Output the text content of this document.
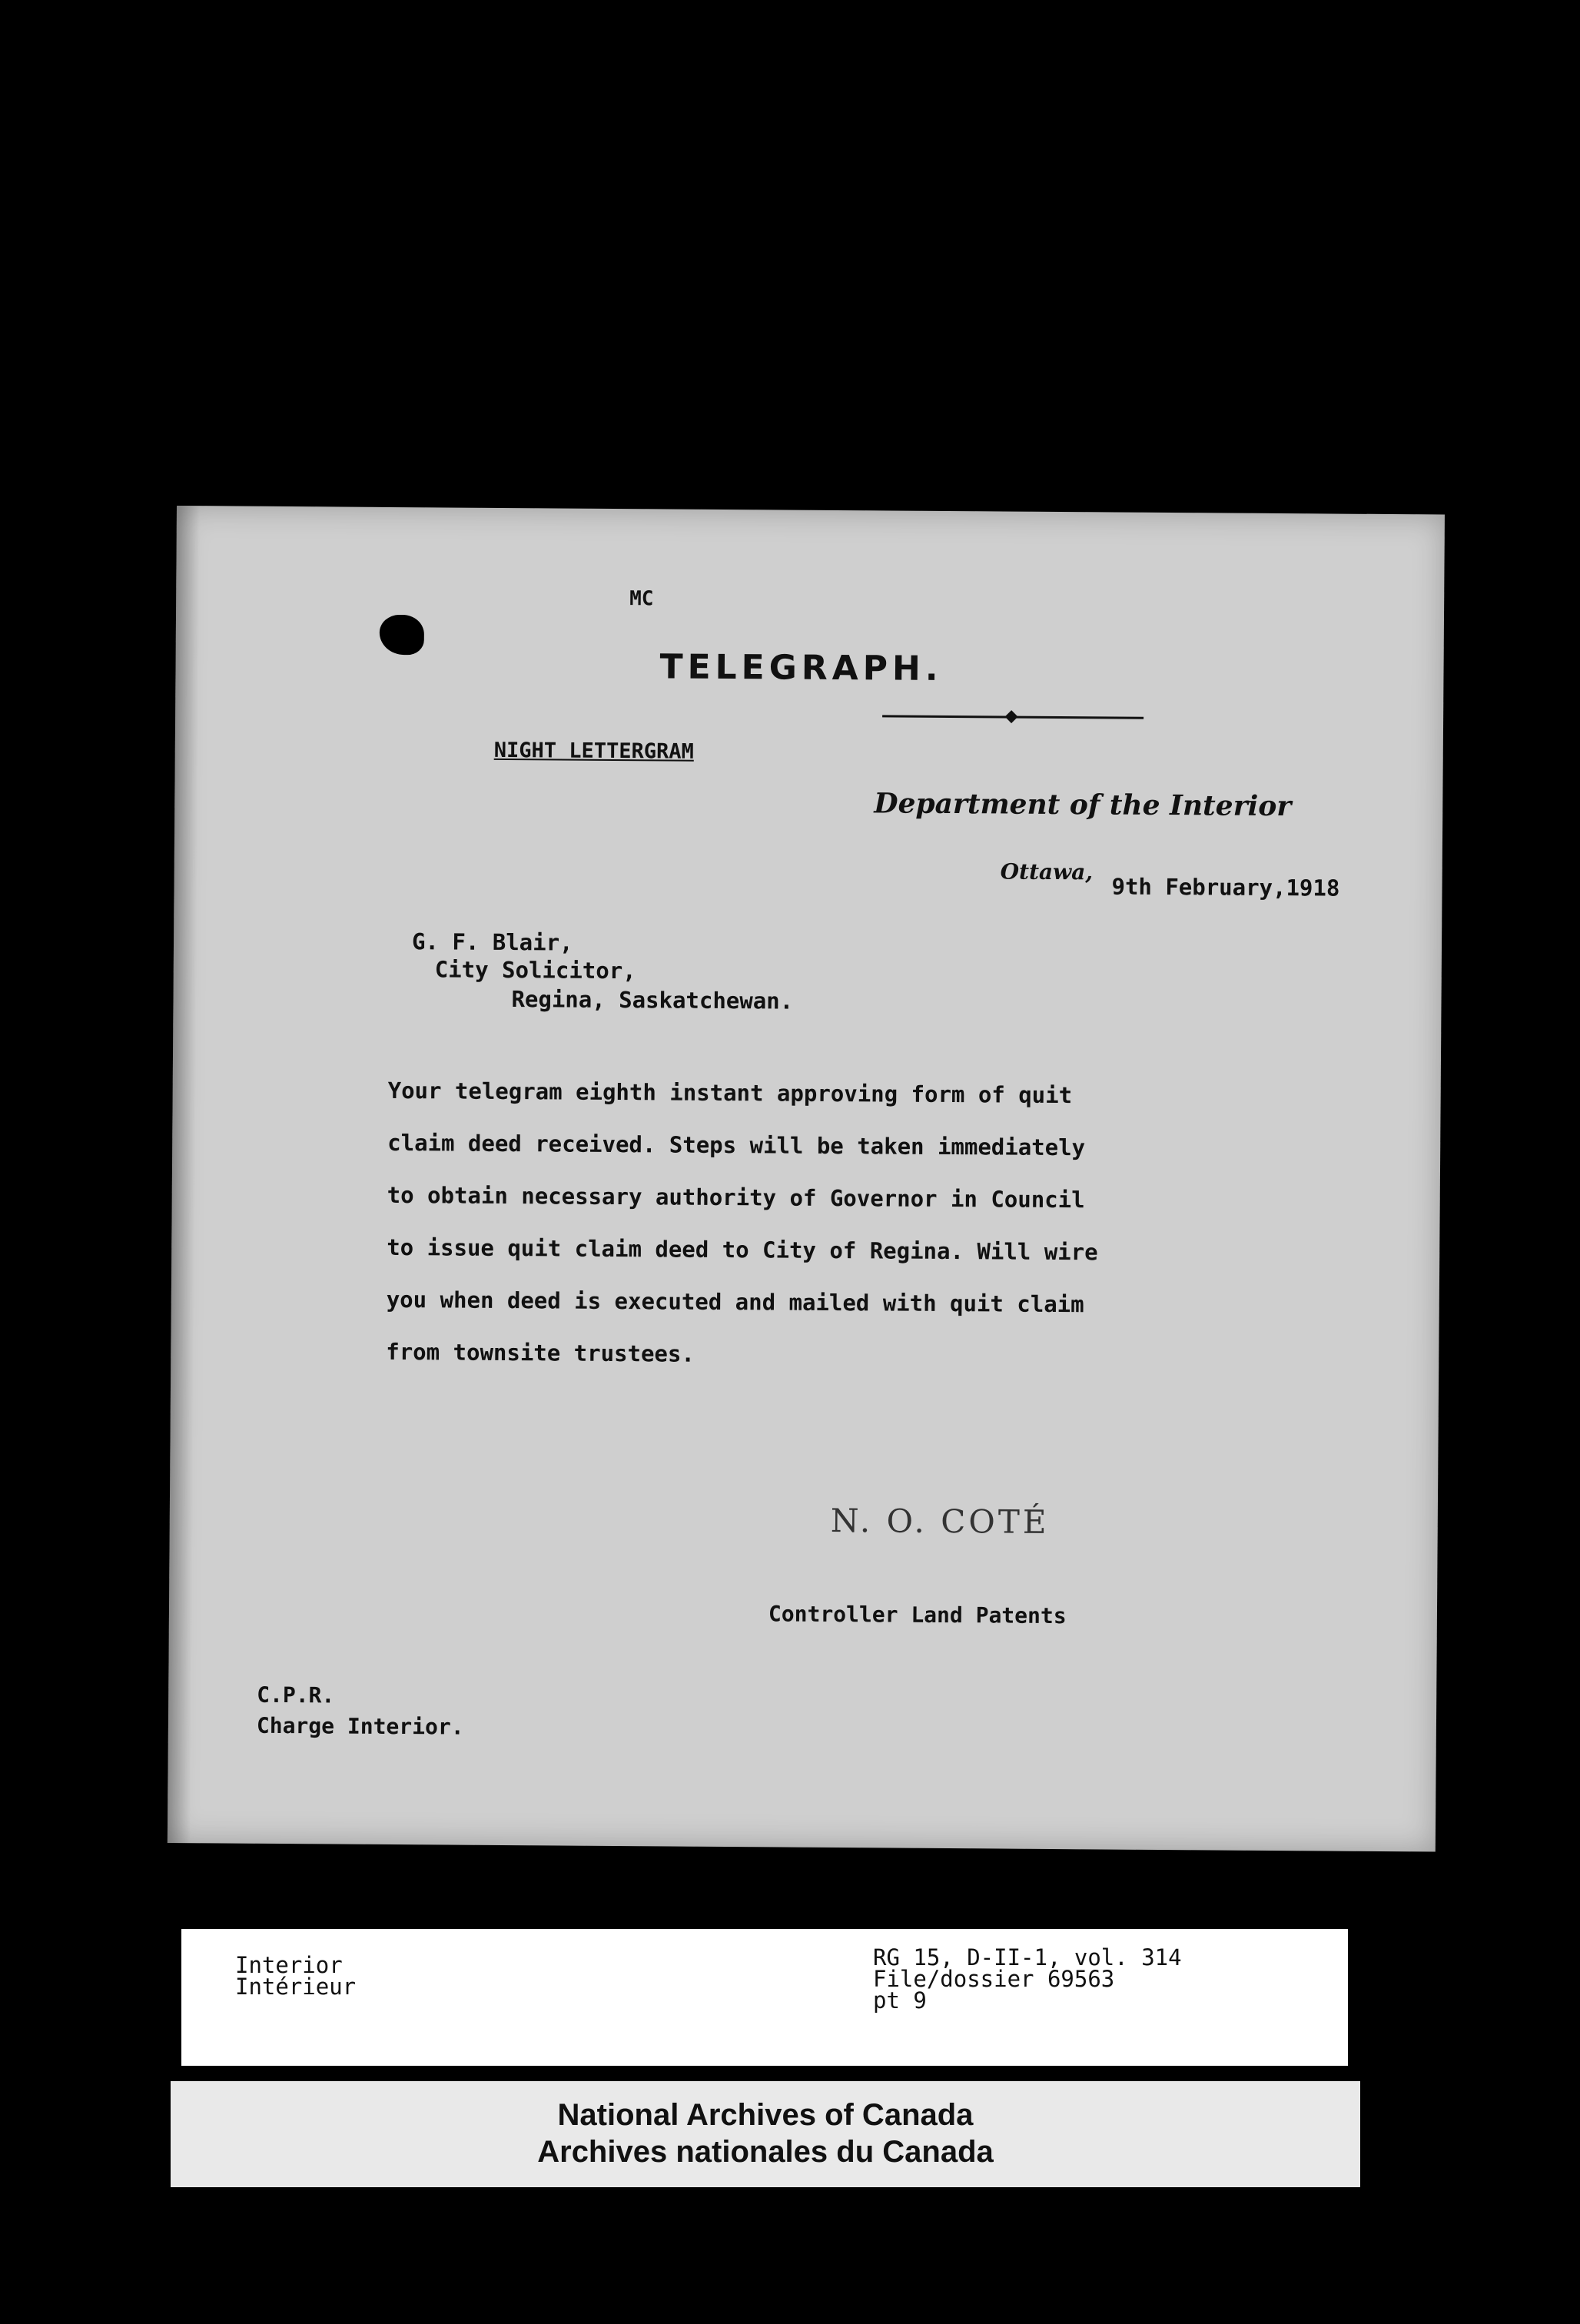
MC
TELEGRAPH.
NIGHT LETTERGRAM
Department of the Interior
Ottawa,
9th February,1918
G. F. Blair,
City Solicitor,
Regina, Saskatchewan.
Your telegram eighth instant approving form of quit
claim deed received. Steps will be taken immediately
to obtain necessary authority of Governor in Council
to issue quit claim deed to City of Regina. Will wire
you when deed is executed and mailed with quit claim
from townsite trustees.
N. O. COTÉ
Controller Land Patents
C.P.R.
Charge Interior.
Interior
Intérieur
RG 15, D-II-1, vol. 314
File/dossier 69563
pt 9
National Archives of Canada
Archives nationales du Canada
